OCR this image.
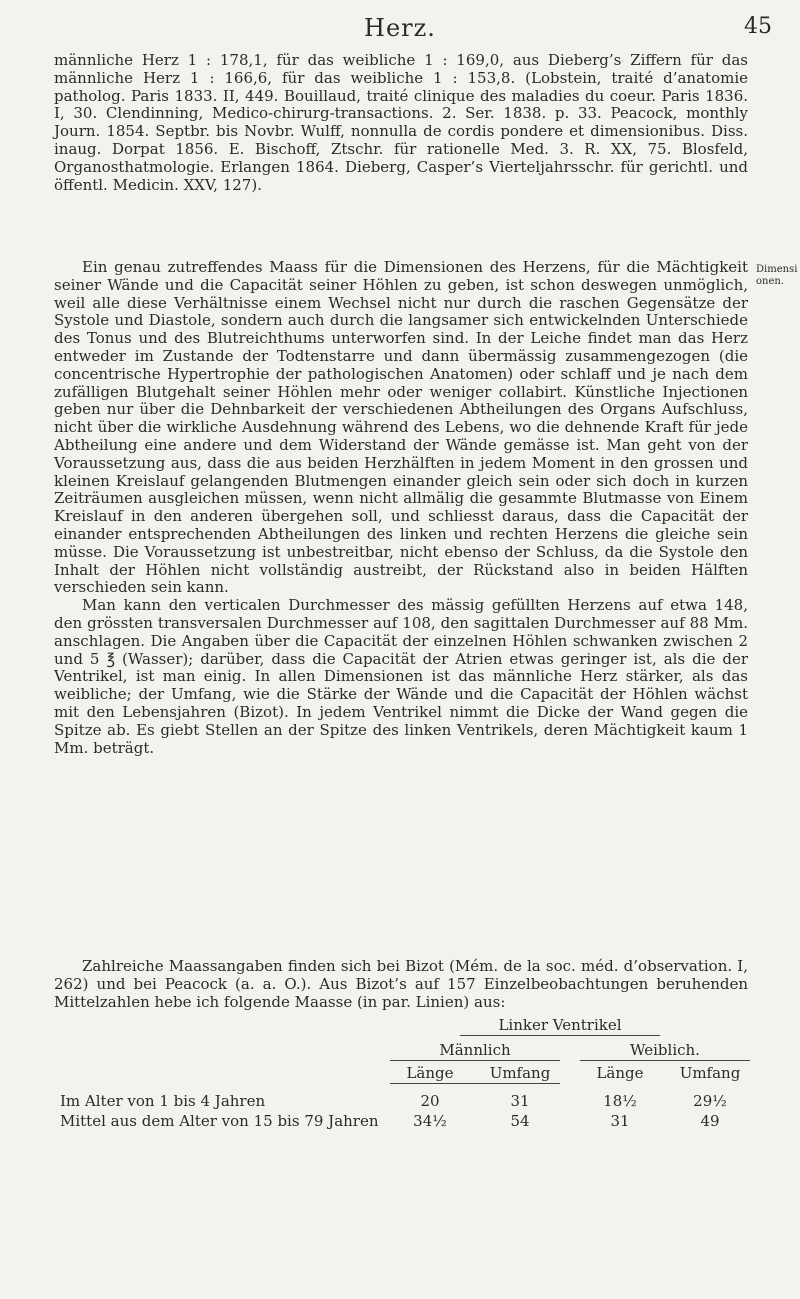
Herz.	45
Dimensionen.

männliche Herz 1 : 178,1, für das weibliche 1 : 169,0, aus Dieberg’s Ziffern für das männliche Herz 1 : 166,6, für das weibliche 1 : 153,8. (Lobstein, traité d’anatomie patholog. Paris 1833. II, 449. Bouillaud, traité clinique des maladies du coeur. Paris 1836. I, 30. Clendinning, Medico-chirurg-transactions. 2. Ser. 1838. p. 33. Peacock, monthly Journ. 1854. Septbr. bis Novbr. Wulff, nonnulla de cordis pondere et dimensionibus. Diss. inaug. Dorpat 1856. E. Bischoff, Ztschr. für rationelle Med. 3. R. XX, 75. Blosfeld, Organosthatmologie. Erlangen 1864. Dieberg, Casper’s Vierteljahrsschr. für gerichtl. und öffentl. Medicin. XXV, 127).

Ein genau zutreffendes Maass für die Dimensionen des Herzens, für die Mächtigkeit seiner Wände und die Capacität seiner Höhlen zu geben, ist schon deswegen unmöglich, weil alle diese Verhältnisse einem Wechsel nicht nur durch die raschen Gegensätze der Systole und Diastole, sondern auch durch die langsamer sich entwickelnden Unterschiede des Tonus und des Blutreichthums unterworfen sind. In der Leiche findet man das Herz entweder im Zustande der Todtenstarre und dann übermässig zusammengezogen (die concentrische Hypertrophie der pathologischen Anatomen) oder schlaff und je nach dem zufälligen Blutgehalt seiner Höhlen mehr oder weniger collabirt. Künstliche Injectionen geben nur über die Dehnbarkeit der verschiedenen Abtheilungen des Organs Aufschluss, nicht über die wirkliche Ausdehnung während des Lebens, wo die dehnende Kraft für jede Abtheilung eine andere und dem Widerstand der Wände gemässe ist. Man geht von der Voraussetzung aus, dass die aus beiden Herzhälften in jedem Moment in den grossen und kleinen Kreislauf gelangenden Blutmengen einander gleich sein oder sich doch in kurzen Zeiträumen ausgleichen müssen, wenn nicht allmälig die gesammte Blutmasse von Einem Kreislauf in den anderen übergehen soll, und schliesst daraus, dass die Capacität der einander entsprechenden Abtheilungen des linken und rechten Herzens die gleiche sein müsse. Die Voraussetzung ist unbestreitbar, nicht ebenso der Schluss, da die Systole den Inhalt der Höhlen nicht vollständig austreibt, der Rückstand also in beiden Hälften verschieden sein kann.

Man kann den verticalen Durchmesser des mässig gefüllten Herzens auf etwa 148, den grössten transversalen Durchmesser auf 108, den sagittalen Durchmesser auf 88 Mm. anschlagen. Die Angaben über die Capacität der einzelnen Höhlen schwanken zwischen 2 und 5 ℥ (Wasser); darüber, dass die Capacität der Atrien etwas geringer ist, als die der Ventrikel, ist man einig. In allen Dimensionen ist das männliche Herz stärker, als das weibliche; der Umfang, wie die Stärke der Wände und die Capacität der Höhlen wächst mit den Lebensjahren (Bizot). In jedem Ventrikel nimmt die Dicke der Wand gegen die Spitze ab. Es giebt Stellen an der Spitze des linken Ventrikels, deren Mächtigkeit kaum 1 Mm. beträgt.

Zahlreiche Maassangaben finden sich bei Bizot (Mém. de la soc. méd. d’observation. I, 262) und bei Peacock (a. a. O.). Aus Bizot’s auf 157 Einzelbeobachtungen beruhenden Mittelzahlen hebe ich folgende Maasse (in par. Linien) aus:

Linker Ventrikel
Männlich	Weiblich.
Länge	Umfang	Länge	Umfang
Im Alter von 1 bis 4 Jahren	20	31	18½	29½
Mittel aus dem Alter von 15 bis 79 Jahren	34½	54	31	49
